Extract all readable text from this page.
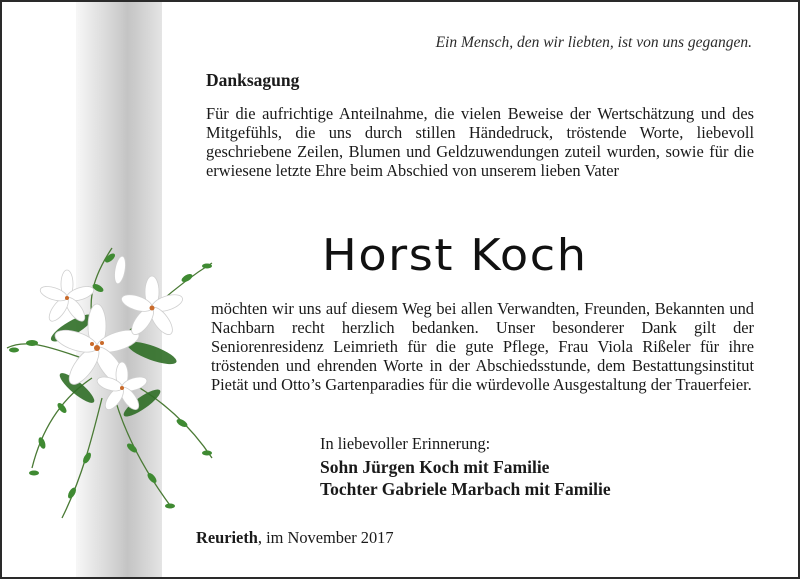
Ein Mensch, den wir liebten, ist von uns gegangen.
Danksagung

Für die aufrichtige Anteilnahme, die vielen Beweise der Wertschätzung und des Mitgefühls, die uns durch stillen Händedruck, tröstende Worte, liebevoll geschriebene Zeilen, Blumen und Geldzuwendungen zuteil wurden, sowie für die erwiesene letzte Ehre beim Abschied von unserem lieben Vater

Horst Koch

möchten wir uns auf diesem Weg bei allen Verwandten, Freunden, Bekannten und Nachbarn recht herzlich bedanken. Unser besonderer Dank gilt der Seniorenresidenz Leimrieth für die gute Pflege, Frau Viola Rißeler für ihre tröstenden und ehrenden Worte in der Abschiedsstunde, dem Bestattungsinstitut Pietät und Otto’s Gartenparadies für die würdevolle Ausgestaltung der Trauerfeier.

In liebevoller Erinnerung:
Sohn Jürgen Koch mit Familie
Tochter Gabriele Marbach mit Familie
Reurieth, im November 2017
